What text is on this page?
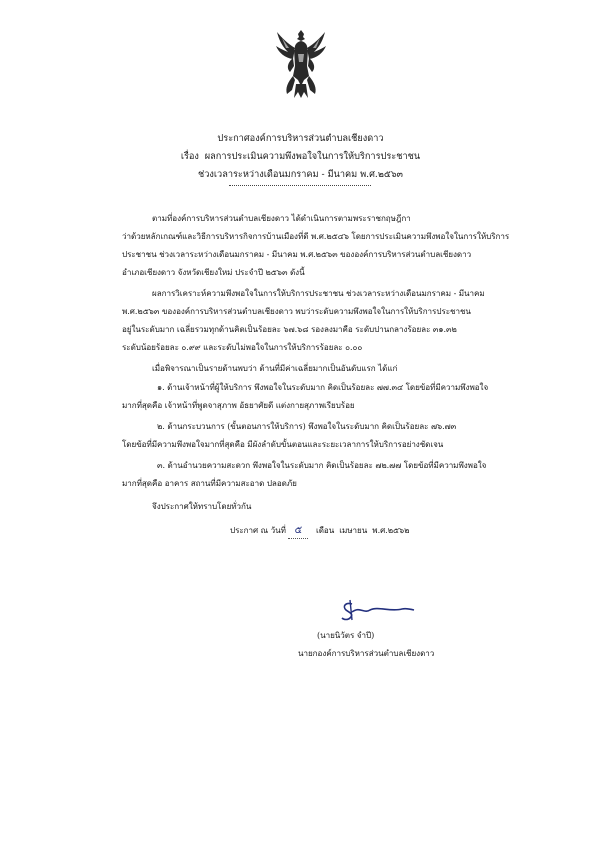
ประกาศองค์การบริหารส่วนตำบลเชียงดาว
เรื่อง ผลการประเมินความพึงพอใจในการให้บริการประชาชน
ช่วงเวลาระหว่างเดือนมกราคม - มีนาคม พ.ศ.๒๕๖๓
ตามที่องค์การบริหารส่วนตำบลเชียงดาว ได้ดำเนินการตามพระราชกฤษฎีกา
ว่าด้วยหลักเกณฑ์และวิธีการบริหารกิจการบ้านเมืองที่ดี พ.ศ.๒๕๔๖ โดยการประเมินความพึงพอใจในการให้บริการ
ประชาชน ช่วงเวลาระหว่างเดือนมกราคม - มีนาคม พ.ศ.๒๕๖๓ ขององค์การบริหารส่วนตำบลเชียงดาว
อำเภอเชียงดาว จังหวัดเชียงใหม่ ประจำปี ๒๕๖๓ ดังนี้
ผลการวิเคราะห์ความพึงพอใจในการให้บริการประชาชน ช่วงเวลาระหว่างเดือนมกราคม - มีนาคม
พ.ศ.๒๕๖๓ ขององค์การบริหารส่วนตำบลเชียงดาว พบว่าระดับความพึงพอใจในการให้บริการประชาชน
อยู่ในระดับมาก เฉลี่ยรวมทุกด้านคิดเป็นร้อยละ ๖๗.๖๘ รองลงมาคือ ระดับปานกลางร้อยละ ๓๑.๓๒
ระดับน้อยร้อยละ ๐.๙๙ และระดับไม่พอใจในการให้บริการร้อยละ ๐.๐๐
เมื่อพิจารณาเป็นรายด้านพบว่า ด้านที่มีค่าเฉลี่ยมากเป็นอันดับแรก ได้แก่
๑. ด้านเจ้าหน้าที่ผู้ให้บริการ พึงพอใจในระดับมาก คิดเป็นร้อยละ ๗๗.๓๔ โดยข้อที่มีความพึงพอใจ
มากที่สุดคือ เจ้าหน้าที่พูดจาสุภาพ อัธยาศัยดี แต่งกายสุภาพเรียบร้อย
๒. ด้านกระบวนการ (ขั้นตอนการให้บริการ) พึงพอใจในระดับมาก คิดเป็นร้อยละ ๗๖.๗๓
โดยข้อที่มีความพึงพอใจมากที่สุดคือ มีผังลำดับขั้นตอนและระยะเวลาการให้บริการอย่างชัดเจน
๓. ด้านอำนวยความสะดวก พึงพอใจในระดับมาก คิดเป็นร้อยละ ๗๒.๗๗ โดยข้อที่มีความพึงพอใจ
มากที่สุดคือ อาคาร สถานที่มีความสะอาด ปลอดภัย
จึงประกาศให้ทราบโดยทั่วกัน
ประกาศ ณ วันที่ ๕ เดือน เมษายน พ.ศ.๒๕๖๒
(นายนิวัตร จำปี)
นายกองค์การบริหารส่วนตำบลเชียงดาว
